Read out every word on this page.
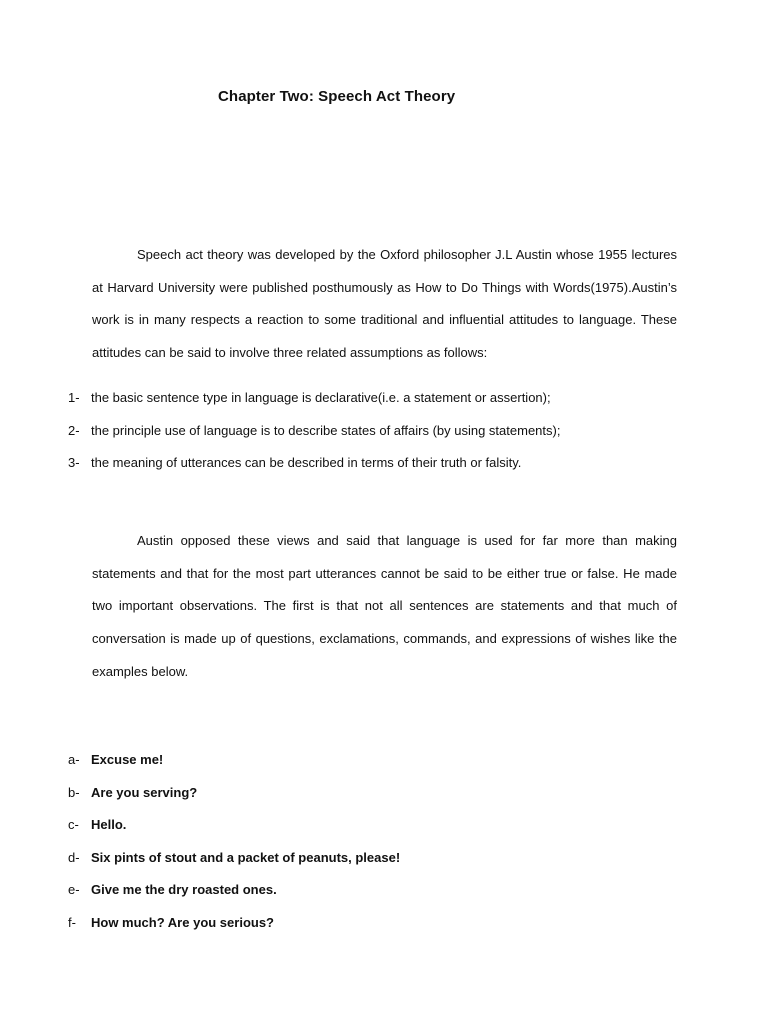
Chapter Two: Speech Act Theory

Speech act theory was developed by the Oxford philosopher J.L Austin whose 1955 lectures at Harvard University were published posthumously as How to Do Things with Words(1975).Austin’s work is in many respects a reaction to some traditional and influential attitudes to language. These attitudes can be said to involve three related assumptions as follows:

1- the basic sentence type in language is declarative(i.e. a statement or assertion);
2- the principle use of language is to describe states of affairs (by using statements);
3- the meaning of utterances can be described in terms of their truth or falsity.

Austin opposed these views and said that language is used for far more than making statements and that for the most part utterances cannot be said to be either true or false. He made two important observations. The first is that not all sentences are statements and that much of conversation is made up of questions, exclamations, commands, and expressions of wishes like the examples below.

a- Excuse me!
b- Are you serving?
c- Hello.
d- Six pints of stout and a packet of peanuts, please!
e- Give me the dry roasted ones.
f- How much? Are you serious?
